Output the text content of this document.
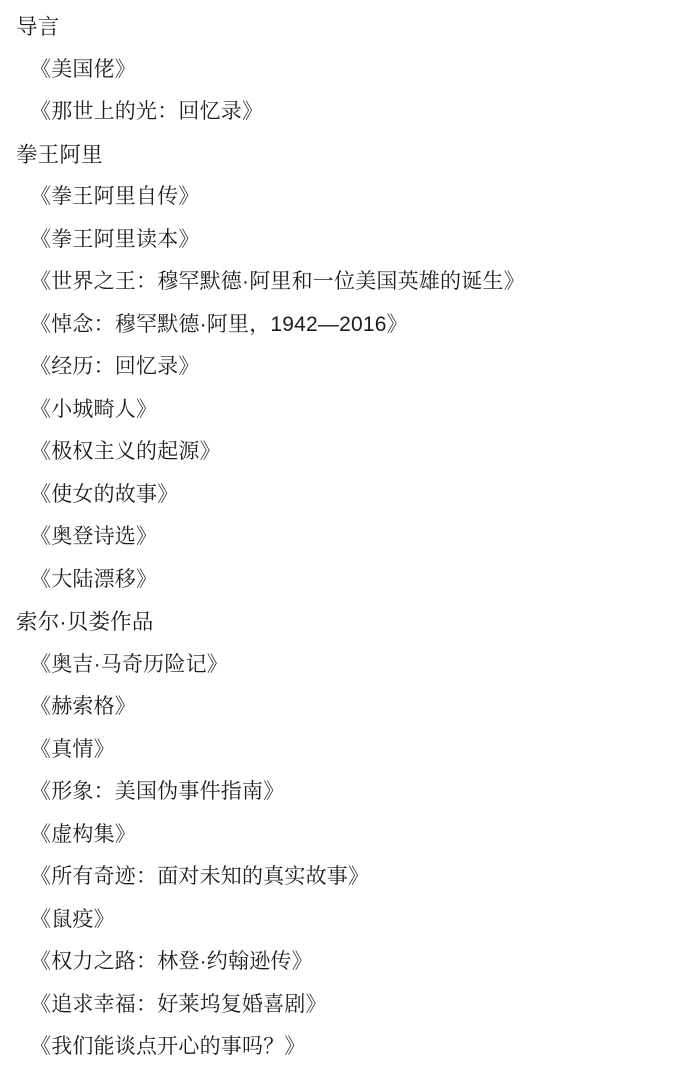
导言
《美国佬》
《那世上的光：回忆录》
拳王阿里
《拳王阿里自传》
《拳王阿里读本》
《世界之王：穆罕默德·阿里和一位美国英雄的诞生》
《悼念：穆罕默德·阿里，1942—2016》
《经历：回忆录》
《小城畸人》
《极权主义的起源》
《使女的故事》
《奥登诗选》
《大陆漂移》
索尔·贝娄作品
《奥吉·马奇历险记》
《赫索格》
《真情》
《形象：美国伪事件指南》
《虚构集》
《所有奇迹：面对未知的真实故事》
《鼠疫》
《权力之路：林登·约翰逊传》
《追求幸福：好莱坞复婚喜剧》
《我们能谈点开心的事吗？》
